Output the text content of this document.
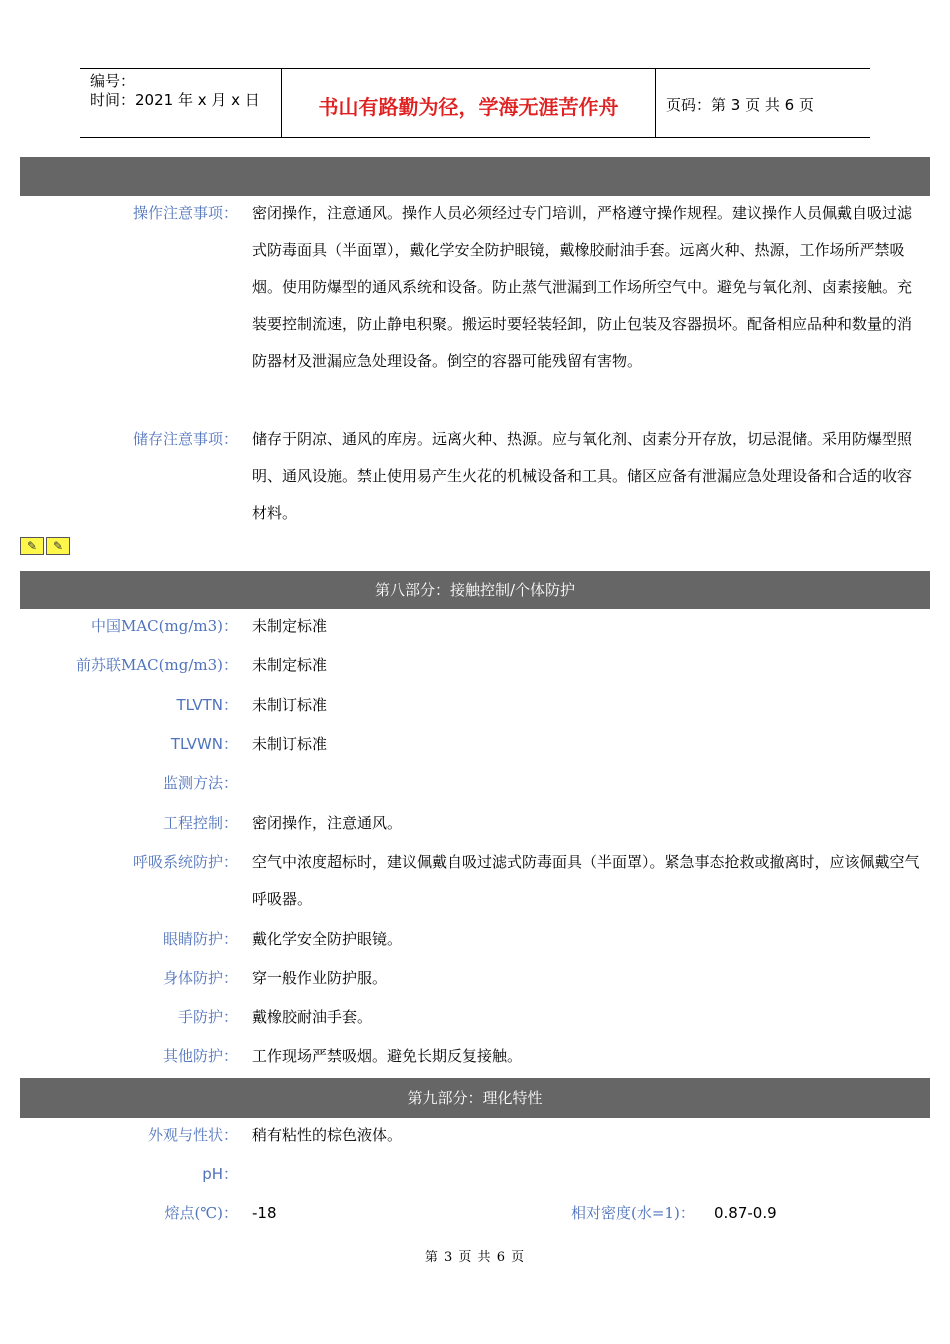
编号：
时间：2021 年 x 月 x 日	书山有路勤为径，学海无涯苦作舟	页码：第 3 页 共 6 页
操作注意事项： 密闭操作，注意通风。操作人员必须经过专门培训，严格遵守操作规程。建议操作人员佩戴自吸过滤式防毒面具（半面罩），戴化学安全防护眼镜，戴橡胶耐油手套。远离火种、热源，工作场所严禁吸烟。使用防爆型的通风系统和设备。防止蒸气泄漏到工作场所空气中。避免与氧化剂、卤素接触。充装要控制流速，防止静电积聚。搬运时要轻装轻卸，防止包装及容器损坏。配备相应品种和数量的消防器材及泄漏应急处理设备。倒空的容器可能残留有害物。
储存注意事项： 储存于阴凉、通风的库房。远离火种、热源。应与氧化剂、卤素分开存放，切忌混储。采用防爆型照明、通风设施。禁止使用易产生火花的机械设备和工具。储区应备有泄漏应急处理设备和合适的收容材料。
✎	✎
第八部分：接触控制/个体防护
中国MAC(mg/m3)： 未制定标准
前苏联MAC(mg/m3)： 未制定标准
TLVTN： 未制订标准
TLVWN： 未制订标准
监测方法：
工程控制： 密闭操作，注意通风。
呼吸系统防护： 空气中浓度超标时，建议佩戴自吸过滤式防毒面具（半面罩）。紧急事态抢救或撤离时，应该佩戴空气呼吸器。
眼睛防护： 戴化学安全防护眼镜。
身体防护： 穿一般作业防护服。
手防护： 戴橡胶耐油手套。
其他防护： 工作现场严禁吸烟。避免长期反复接触。
第九部分：理化特性
外观与性状： 稍有粘性的棕色液体。
pH：
熔点(℃)： -18	相对密度(水=1)： 0.87-0.9
第 3 页 共 6 页
